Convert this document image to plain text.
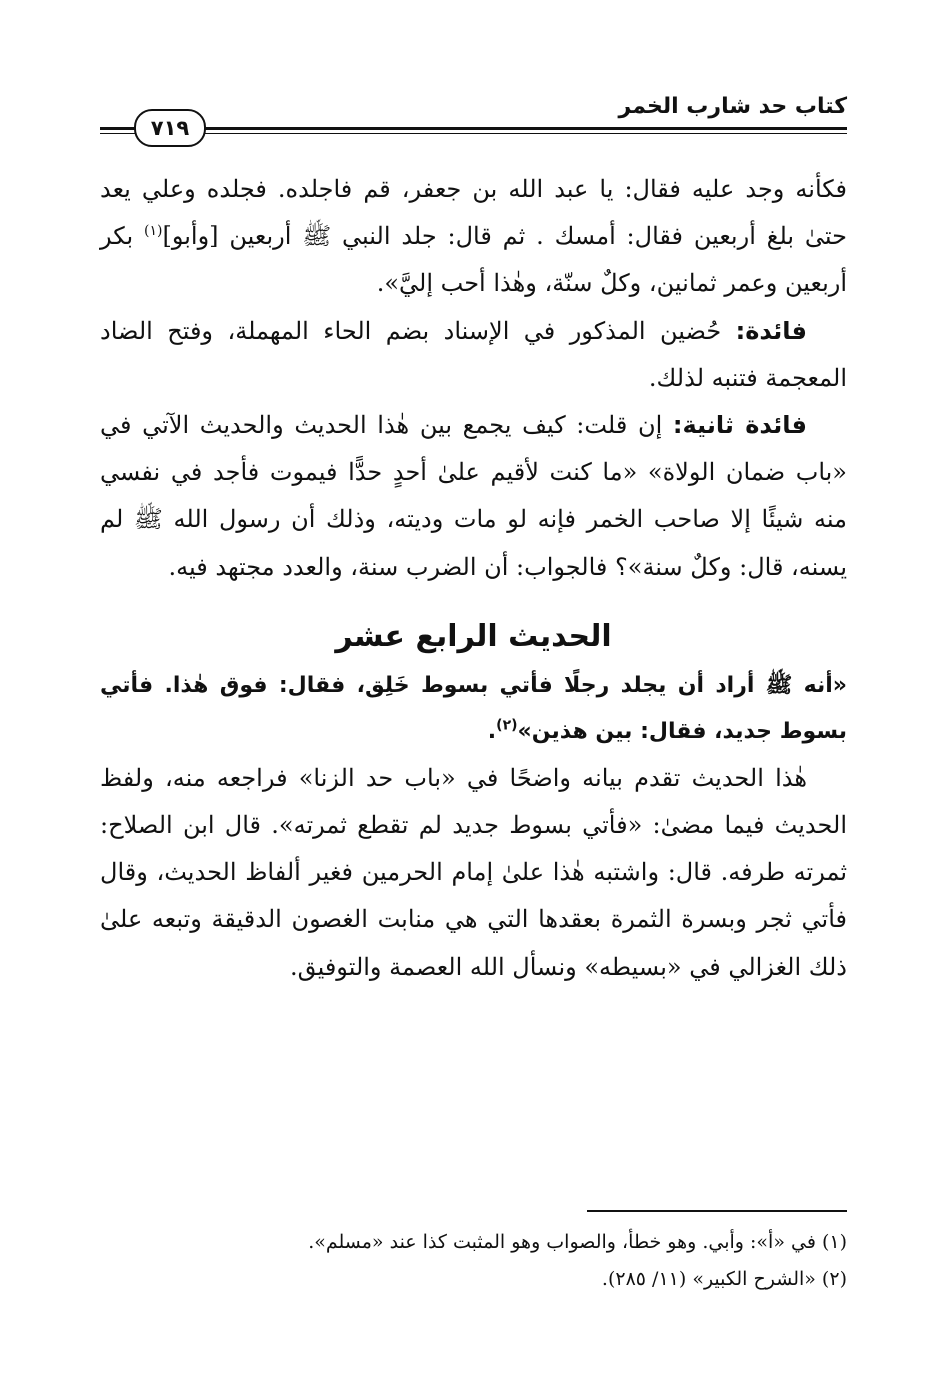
كتاب حد شارب الخمر
٧١٩

فكأنه وجد عليه فقال: يا عبد الله بن جعفر، قم فاجلده. فجلده وعلي يعد حتىٰ بلغ أربعين فقال: أمسك . ثم قال: جلد النبي ﷺ أربعين [وأبو]$^{(١)}$ بكر أربعين وعمر ثمانين، وكلٌ سنّة، وهٰذا أحب إليَّ».

فائدة: حُضين المذكور في الإسناد بضم الحاء المهملة، وفتح الضاد المعجمة فتنبه لذلك.

فائدة ثانية: إن قلت: كيف يجمع بين هٰذا الحديث والحديث الآتي في «باب ضمان الولاة» «ما كنت لأقيم علىٰ أحدٍ حدًّا فيموت فأجد في نفسي منه شيئًا إلا صاحب الخمر فإنه لو مات وديته، وذلك أن رسول الله ﷺ لم يسنه، قال: وكلٌ سنة»؟ فالجواب: أن الضرب سنة، والعدد مجتهد فيه.

الحديث الرابع عشر

«أنه ﷺ أراد أن يجلد رجلًا فأتي بسوط خَلِق، فقال: فوق هٰذا. فأتي بسوط جديد، فقال: بين هذين»$^{(٢)}$.

هٰذا الحديث تقدم بيانه واضحًا في «باب حد الزنا» فراجعه منه، ولفظ الحديث فيما مضىٰ: «فأتي بسوط جديد لم تقطع ثمرته». قال ابن الصلاح: ثمرته طرفه. قال: واشتبه هٰذا علىٰ إمام الحرمين فغير ألفاظ الحديث، وقال فأتي ثجر وبسرة الثمرة بعقدها التي هي منابت الغصون الدقيقة وتبعه علىٰ ذلك الغزالي في «بسيطه» ونسأل الله العصمة والتوفيق.

(١) في «أ»: وأبي. وهو خطأ، والصواب وهو المثبت كذا عند «مسلم».

(٢) «الشرح الكبير» (١١/ ٢٨٥).
